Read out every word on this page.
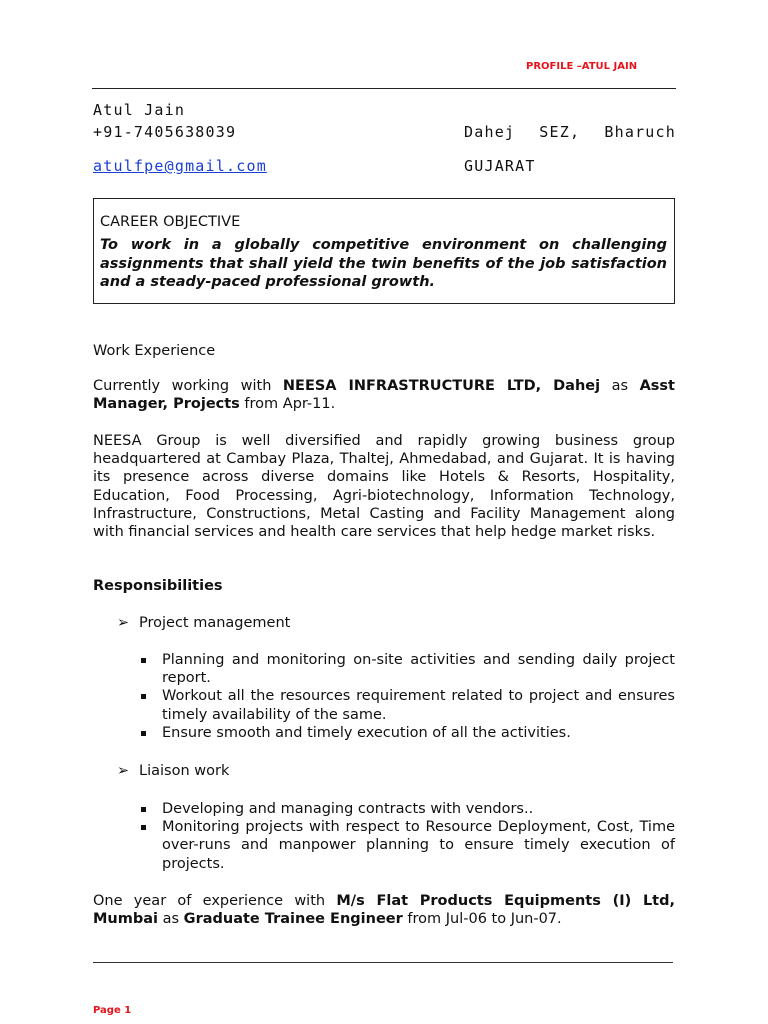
PROFILE –ATUL JAIN
Atul Jain
+91-7405638039
atulfpe@gmail.com
Dahej SEZ, Bharuch
GUJARAT
CAREER OBJECTIVE
To work in a globally competitive environment on challenging assignments that shall yield the twin benefits of the job satisfaction and a steady-paced professional growth.
Work Experience
Currently working with NEESA INFRASTRUCTURE LTD, Dahej as Asst Manager, Projects from Apr-11.
NEESA Group is well diversified and rapidly growing business group headquartered at Cambay Plaza, Thaltej, Ahmedabad, and Gujarat. It is having its presence across diverse domains like Hotels & Resorts, Hospitality, Education, Food Processing, Agri-biotechnology, Information Technology, Infrastructure, Constructions, Metal Casting and Facility Management along with financial services and health care services that help hedge market risks.
Responsibilities
➢ Project management
Planning and monitoring on-site activities and sending daily project report.
Workout all the resources requirement related to project and ensures timely availability of the same.
Ensure smooth and timely execution of all the activities.
➢ Liaison work
Developing and managing contracts with vendors..
Monitoring projects with respect to Resource Deployment, Cost, Time over-runs and manpower planning to ensure timely execution of projects.
One year of experience with M/s Flat Products Equipments (I) Ltd, Mumbai as Graduate Trainee Engineer from Jul-06 to Jun-07.
Page 1
